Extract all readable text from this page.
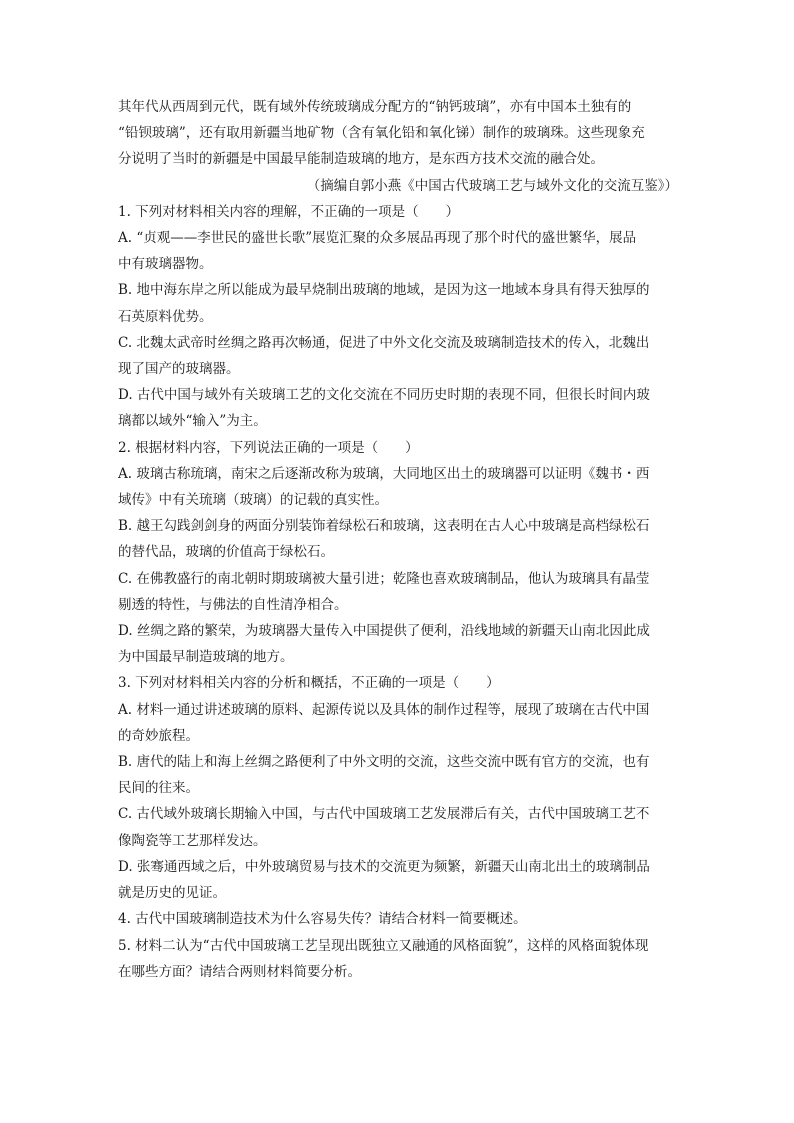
其年代从西周到元代，既有域外传统玻璃成分配方的“钠钙玻璃”，亦有中国本土独有的
“铅钡玻璃”，还有取用新疆当地矿物（含有氧化铅和氧化锑）制作的玻璃珠。这些现象充
分说明了当时的新疆是中国最早能制造玻璃的地方，是东西方技术交流的融合处。
（摘编自郭小燕《中国古代玻璃工艺与域外文化的交流互鉴》）
1. 下列对材料相关内容的理解，不正确的一项是（　　）
A. “贞观——李世民的盛世长歌”展览汇聚的众多展品再现了那个时代的盛世繁华，展品
中有玻璃器物。
B. 地中海东岸之所以能成为最早烧制出玻璃的地域，是因为这一地域本身具有得天独厚的
石英原料优势。
C. 北魏太武帝时丝绸之路再次畅通，促进了中外文化交流及玻璃制造技术的传入，北魏出
现了国产的玻璃器。
D. 古代中国与域外有关玻璃工艺的文化交流在不同历史时期的表现不同，但很长时间内玻
璃都以域外“输入”为主。
2. 根据材料内容，下列说法正确的一项是（　　）
A. 玻璃古称琉璃，南宋之后逐渐改称为玻璃，大同地区出土的玻璃器可以证明《魏书・西
域传》中有关琉璃（玻璃）的记载的真实性。
B. 越王勾践剑剑身的两面分别装饰着绿松石和玻璃，这表明在古人心中玻璃是高档绿松石
的替代品，玻璃的价值高于绿松石。
C. 在佛教盛行的南北朝时期玻璃被大量引进；乾隆也喜欢玻璃制品，他认为玻璃具有晶莹
剔透的特性，与佛法的自性清净相合。
D. 丝绸之路的繁荣，为玻璃器大量传入中国提供了便利，沿线地域的新疆天山南北因此成
为中国最早制造玻璃的地方。
3. 下列对材料相关内容的分析和概括，不正确的一项是（　　）
A. 材料一通过讲述玻璃的原料、起源传说以及具体的制作过程等，展现了玻璃在古代中国
的奇妙旅程。
B. 唐代的陆上和海上丝绸之路便利了中外文明的交流，这些交流中既有官方的交流，也有
民间的往来。
C. 古代域外玻璃长期输入中国，与古代中国玻璃工艺发展滞后有关，古代中国玻璃工艺不
像陶瓷等工艺那样发达。
D. 张骞通西域之后，中外玻璃贸易与技术的交流更为频繁，新疆天山南北出土的玻璃制品
就是历史的见证。
4. 古代中国玻璃制造技术为什么容易失传？请结合材料一简要概述。
5. 材料二认为“古代中国玻璃工艺呈现出既独立又融通的风格面貌”，这样的风格面貌体现
在哪些方面？请结合两则材料简要分析。
